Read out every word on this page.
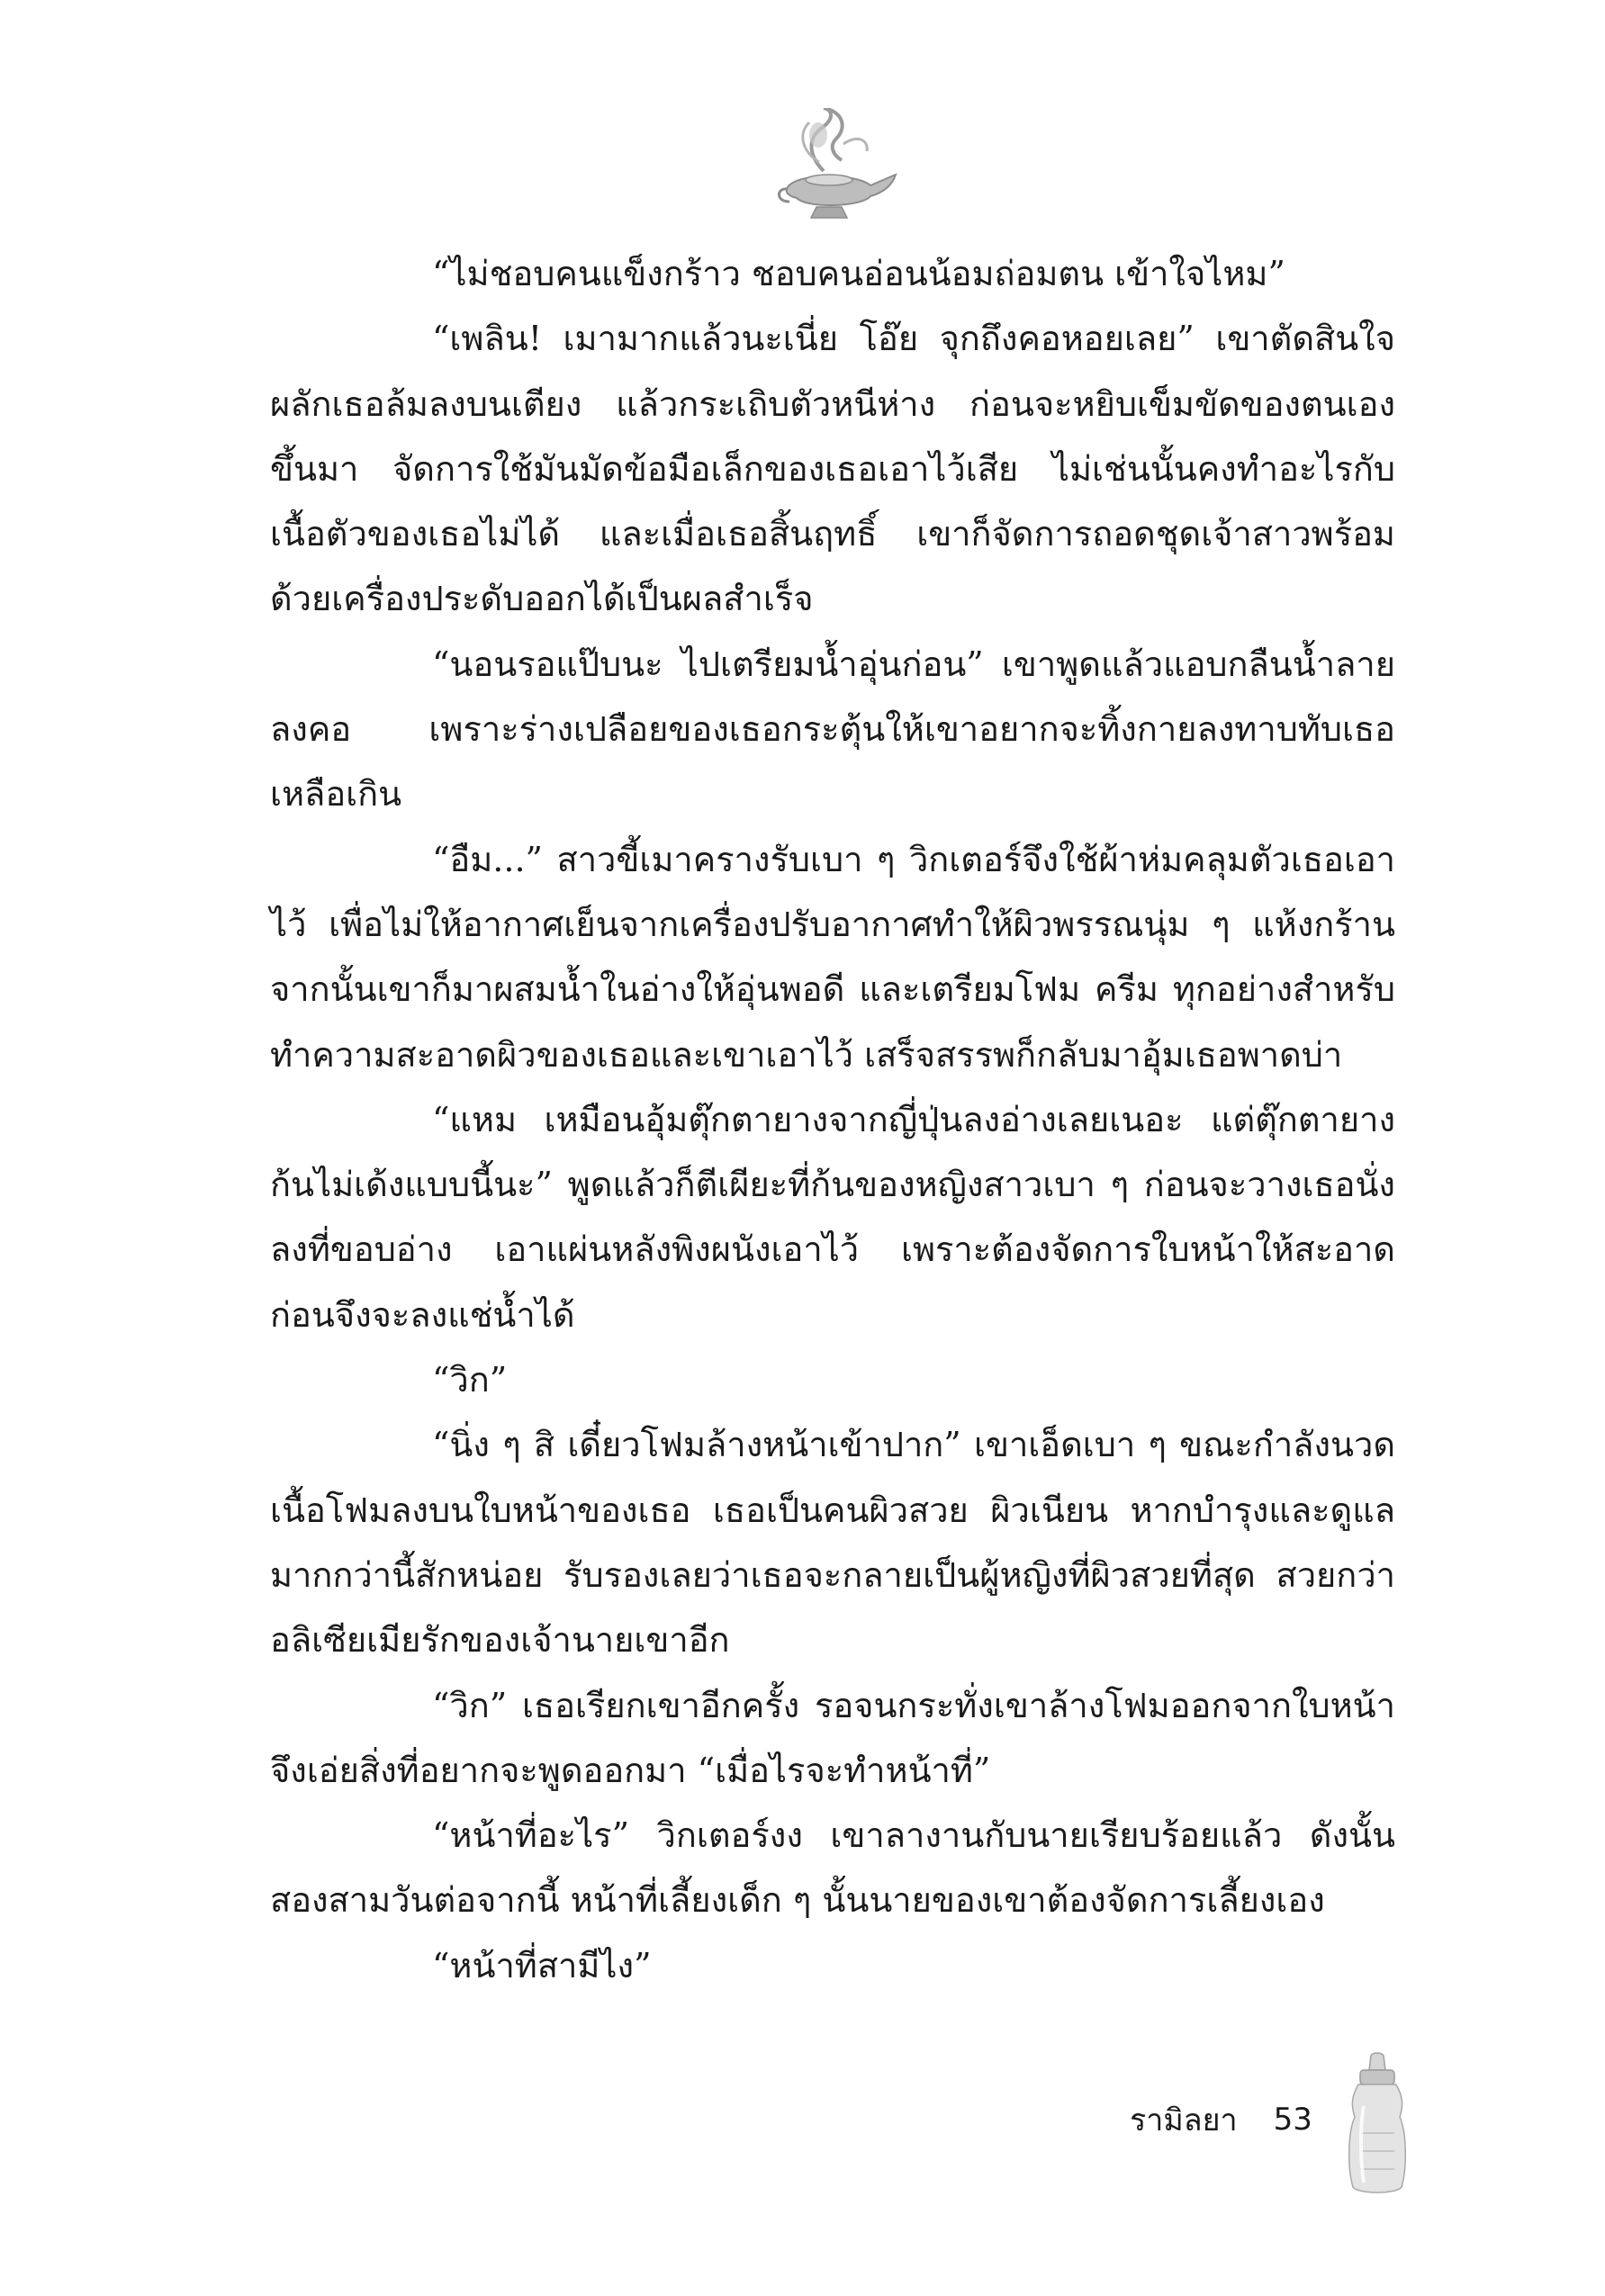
“ไม่ชอบคนแข็งกร้าว ชอบคนอ่อนน้อมถ่อมตน เข้าใจไหม”

“เพลิน! เมามากแล้วนะเนี่ย โอ๊ย จุกถึงคอหอยเลย” เขาตัดสินใจผลักเธอล้มลงบนเตียง แล้วกระเถิบตัวหนีห่าง ก่อนจะหยิบเข็มขัดของตนเองขึ้นมา จัดการใช้มันมัดข้อมือเล็กของเธอเอาไว้เสีย ไม่เช่นนั้นคงทำอะไรกับเนื้อตัวของเธอไม่ได้ และเมื่อเธอสิ้นฤทธิ์ เขาก็จัดการถอดชุดเจ้าสาวพร้อมด้วยเครื่องประดับออกได้เป็นผลสำเร็จ

“นอนรอแป๊บนะ ไปเตรียมน้ำอุ่นก่อน” เขาพูดแล้วแอบกลืนน้ำลายลงคอ เพราะร่างเปลือยของเธอกระตุ้นให้เขาอยากจะทิ้งกายลงทาบทับเธอเหลือเกิน

“อืม...” สาวขี้เมาครางรับเบา ๆ วิกเตอร์จึงใช้ผ้าห่มคลุมตัวเธอเอาไว้ เพื่อไม่ให้อากาศเย็นจากเครื่องปรับอากาศทำให้ผิวพรรณนุ่ม ๆ แห้งกร้าน จากนั้นเขาก็มาผสมน้ำในอ่างให้อุ่นพอดี และเตรียมโฟม ครีม ทุกอย่างสำหรับทำความสะอาดผิวของเธอและเขาเอาไว้ เสร็จสรรพก็กลับมาอุ้มเธอพาดบ่า

“แหม เหมือนอุ้มตุ๊กตายางจากญี่ปุ่นลงอ่างเลยเนอะ แต่ตุ๊กตายางก้นไม่เด้งแบบนี้นะ” พูดแล้วก็ตีเผียะที่ก้นของหญิงสาวเบา ๆ ก่อนจะวางเธอนั่งลงที่ขอบอ่าง เอาแผ่นหลังพิงผนังเอาไว้ เพราะต้องจัดการใบหน้าให้สะอาดก่อนจึงจะลงแช่น้ำได้

“วิก”

“นิ่ง ๆ สิ เดี๋ยวโฟมล้างหน้าเข้าปาก” เขาเอ็ดเบา ๆ ขณะกำลังนวดเนื้อโฟมลงบนใบหน้าของเธอ เธอเป็นคนผิวสวย ผิวเนียน หากบำรุงและดูแลมากกว่านี้สักหน่อย รับรองเลยว่าเธอจะกลายเป็นผู้หญิงที่ผิวสวยที่สุด สวยกว่าอลิเซียเมียรักของเจ้านายเขาอีก

“วิก” เธอเรียกเขาอีกครั้ง รอจนกระทั่งเขาล้างโฟมออกจากใบหน้าจึงเอ่ยสิ่งที่อยากจะพูดออกมา “เมื่อไรจะทำหน้าที่”

“หน้าที่อะไร” วิกเตอร์งง เขาลางานกับนายเรียบร้อยแล้ว ดังนั้นสองสามวันต่อจากนี้ หน้าที่เลี้ยงเด็ก ๆ นั้นนายของเขาต้องจัดการเลี้ยงเอง

“หน้าที่สามีไง”

รามิลยา 53
